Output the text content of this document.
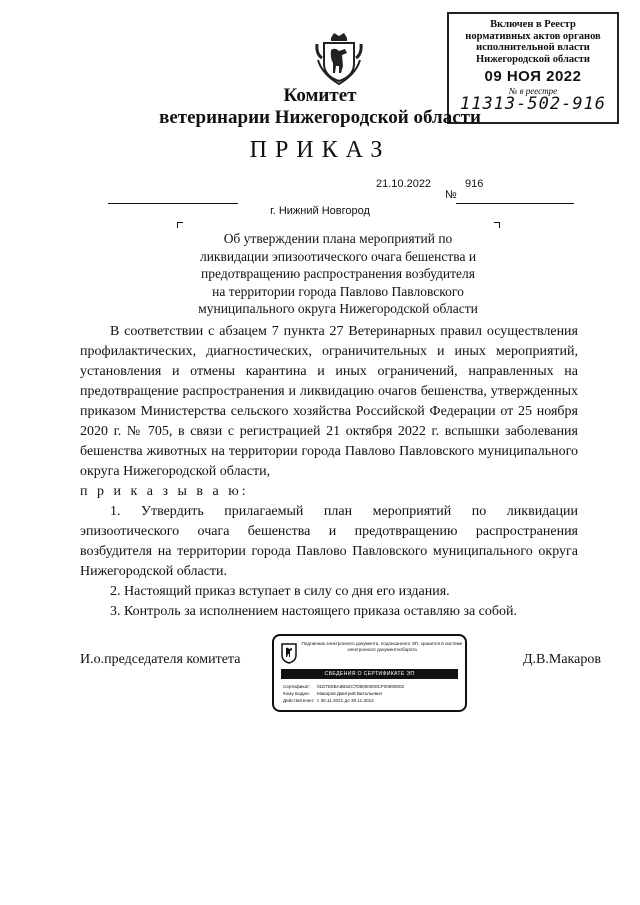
Включен в Реестр
нормативных актов органов
исполнительной власти
Нижегородской области
09 НОЯ 2022
№ в реестре
11313-502-916
Комитет
ветеринарии Нижегородской области
ПРИКАЗ
21.10.2022	916
№
г. Нижний Новгород
Об утверждении плана мероприятий по
ликвидации эпизоотического очага бешенства и
предотвращению распространения возбудителя
на территории города Павлово Павловского
муниципального округа Нижегородской области

В соответствии с абзацем 7 пункта 27 Ветеринарных правил осуществления профилактических, диагностических, ограничительных и иных мероприятий, установления и отмены карантина и иных ограничений, направленных на предотвращение распространения и ликвидацию очагов бешенства, утвержденных приказом Министерства сельского хозяйства Российской Федерации от 25 ноября 2020 г. № 705, в связи с регистрацией 21 октября 2022 г. вспышки заболевания бешенства животных на территории города Павлово Павловского муниципального округа Нижегородской области,

п р и к а з ы в а ю:

1. Утвердить прилагаемый план мероприятий по ликвидации эпизоотического очага бешенства и предотвращению распространения возбудителя на территории города Павлово Павловского муниципального округа Нижегородской области.

2. Настоящий приказ вступает в силу со дня его издания.

3. Контроль за исполнением настоящего приказа оставляю за собой.

И.о.председателя комитета	Д.В.Макаров
Подлинник электронного документа, подписанного ЭП, хранится в системе электронного документооборота
СВЕДЕНИЯ О СЕРТИФИКАТЕ ЭП
Сертификат: 01D7E5BA8B52C7D8000000CF00860002
Кому выдан: Макаров Дмитрий Витальевич
Действителен: с 30.11.2021 до 30.11.2022
